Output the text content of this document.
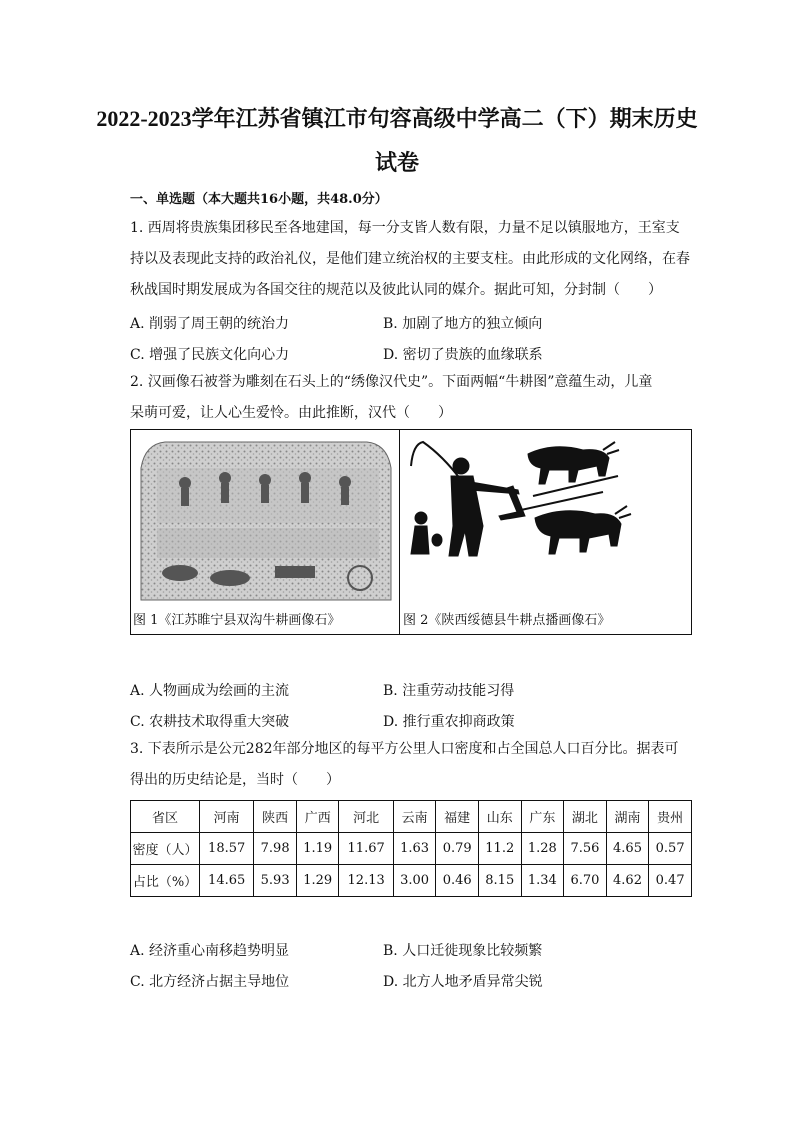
2022-2023学年江苏省镇江市句容高级中学高二（下）期末历史
试卷
一、单选题（本大题共16小题，共48.0分）
1. 西周将贵族集团移民至各地建国，每一分支皆人数有限，力量不足以镇服地方，王室支
持以及表现此支持的政治礼仪，是他们建立统治权的主要支柱。由此形成的文化网络，在春
秋战国时期发展成为各国交往的规范以及彼此认同的媒介。据此可知，分封制（　　）
A. 削弱了周王朝的统治力	B. 加剧了地方的独立倾向
C. 增强了民族文化向心力	D. 密切了贵族的血缘联系
2. 汉画像石被誉为雕刻在石头上的“绣像汉代史”。下面两幅“牛耕图”意蕴生动，儿童
呆萌可爱，让人心生爱怜。由此推断，汉代（　　）
图 1《江苏睢宁县双沟牛耕画像石》	图 2《陕西绥德县牛耕点播画像石》
A. 人物画成为绘画的主流	B. 注重劳动技能习得
C. 农耕技术取得重大突破	D. 推行重农抑商政策
3. 下表所示是公元282年部分地区的每平方公里人口密度和占全国总人口百分比。据表可
得出的历史结论是，当时（　　）
省区	河南	陕西	广西	河北	云南	福建	山东	广东	湖北	湖南	贵州
密度（人）	18.57	7.98	1.19	11.67	1.63	0.79	11.2	1.28	7.56	4.65	0.57
占比（%）	14.65	5.93	1.29	12.13	3.00	0.46	8.15	1.34	6.70	4.62	0.47
A. 经济重心南移趋势明显	B. 人口迁徙现象比较频繁
C. 北方经济占据主导地位	D. 北方人地矛盾异常尖锐
